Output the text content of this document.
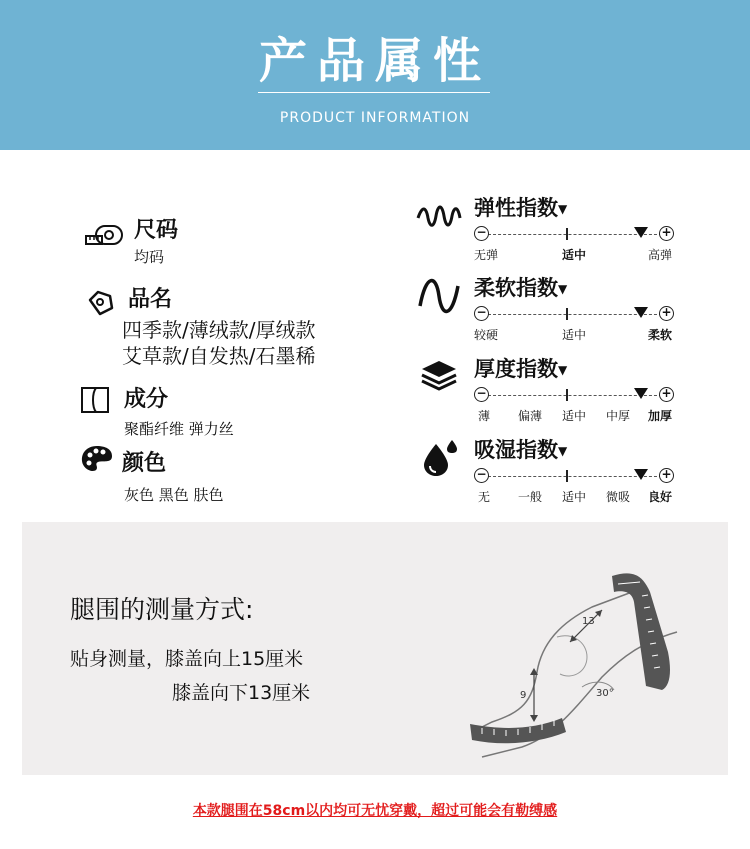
产品属性
PRODUCT INFORMATION
尺码
均码
品名
四季款/薄绒款/厚绒款
艾草款/自发热/石墨稀
成分
聚酯纤维 弹力丝
颜色
灰色 黑色 肤色
弹性指数▼
−	+
无弹	适中	高弹
柔软指数▼
−	+
较硬	适中	柔软
厚度指数▼
−	+
薄 偏薄 适中 中厚 加厚
吸湿指数▼
−	+
无 一般 适中 微吸 良好
腿围的测量方式:
贴身测量，膝盖向上15厘米
膝盖向下13厘米
13
9	30°
本款腿围在58cm以内均可无忧穿戴，超过可能会有勒缚感
